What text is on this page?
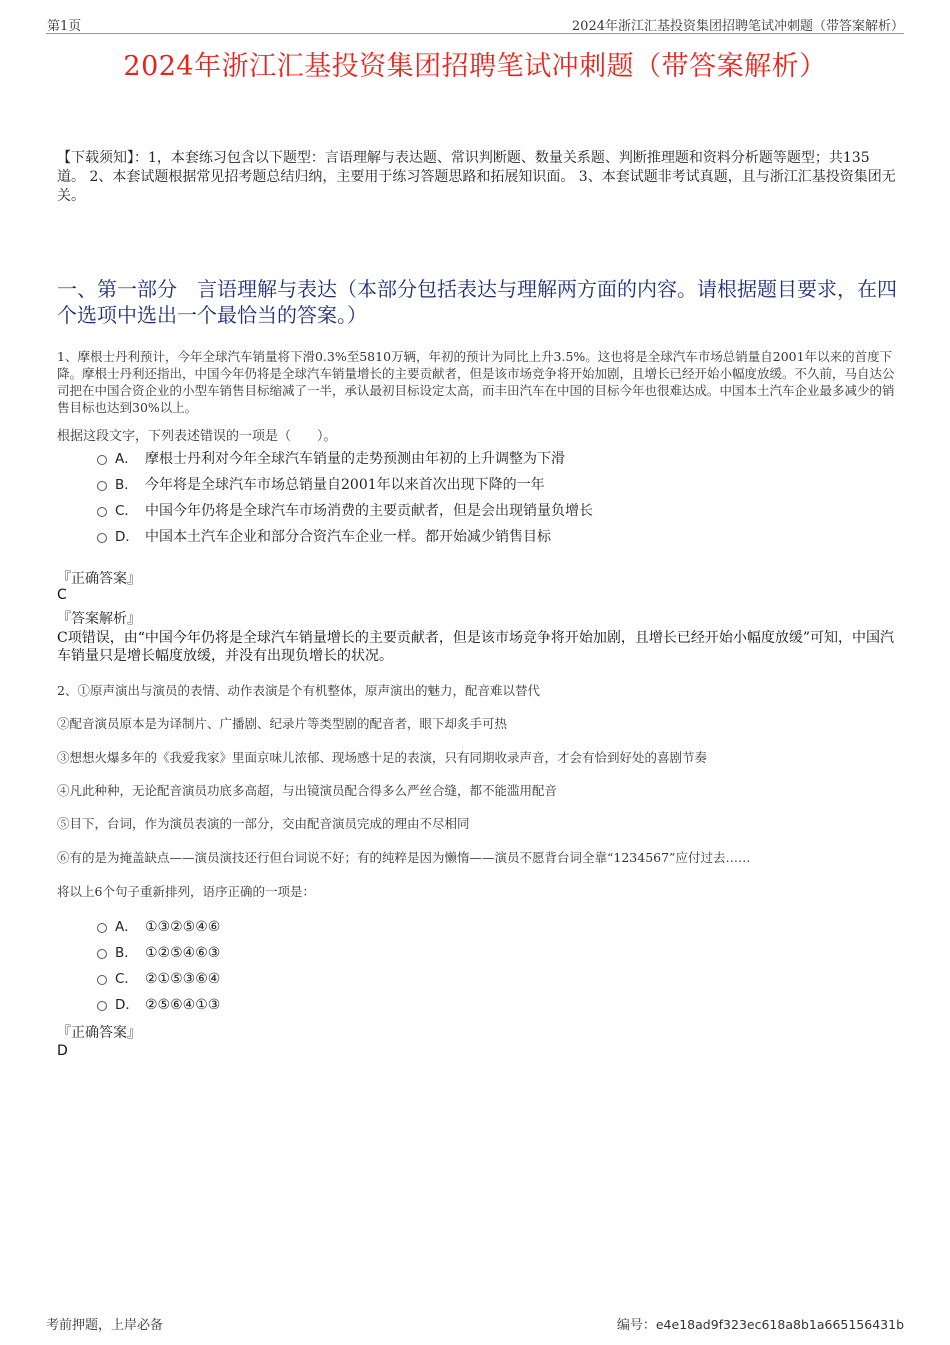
第1页	2024年浙江汇基投资集团招聘笔试冲刺题（带答案解析）
2024年浙江汇基投资集团招聘笔试冲刺题（带答案解析）
【下载须知】：1，本套练习包含以下题型：言语理解与表达题、常识判断题、数量关系题、判断推理题和资料分析题等题型；共135道。 2、本套试题根据常见招考题总结归纳，主要用于练习答题思路和拓展知识面。 3、本套试题非考试真题，且与浙江汇基投资集团无关。
一、第一部分　言语理解与表达（本部分包括表达与理解两方面的内容。请根据题目要求，在四个选项中选出一个最恰当的答案。）
1、摩根士丹利预计，今年全球汽车销量将下滑0.3%至5810万辆，年初的预计为同比上升3.5%。这也将是全球汽车市场总销量自2001年以来的首度下降。摩根士丹利还指出，中国今年仍将是全球汽车销量增长的主要贡献者，但是该市场竞争将开始加剧，且增长已经开始小幅度放缓。不久前，马自达公司把在中国合资企业的小型车销售目标缩减了一半，承认最初目标设定太高，而丰田汽车在中国的目标今年也很难达成。中国本土汽车企业最多减少的销售目标也达到30%以上。
根据这段文字，下列表述错误的一项是（　　）。
A． 摩根士丹利对今年全球汽车销量的走势预测由年初的上升调整为下滑
B． 今年将是全球汽车市场总销量自2001年以来首次出现下降的一年
C． 中国今年仍将是全球汽车市场消费的主要贡献者，但是会出现销量负增长
D． 中国本土汽车企业和部分合资汽车企业一样。都开始减少销售目标
『正确答案』
C
『答案解析』
C项错误，由“中国今年仍将是全球汽车销量增长的主要贡献者，但是该市场竞争将开始加剧，且增长已经开始小幅度放缓”可知，中国汽车销量只是增长幅度放缓，并没有出现负增长的状况。
2、①原声演出与演员的表情、动作表演是个有机整体，原声演出的魅力，配音难以替代
②配音演员原本是为译制片、广播剧、纪录片等类型剧的配音者，眼下却炙手可热
③想想火爆多年的《我爱我家》里面京味儿浓郁、现场感十足的表演，只有同期收录声音，才会有恰到好处的喜剧节奏
④凡此种种，无论配音演员功底多高超，与出镜演员配合得多么严丝合缝，都不能滥用配音
⑤目下，台词，作为演员表演的一部分，交由配音演员完成的理由不尽相同
⑥有的是为掩盖缺点——演员演技还行但台词说不好；有的纯粹是因为懒惰——演员不愿背台词全靠“1234567”应付过去……
将以上6个句子重新排列，语序正确的一项是：
A． ①③②⑤④⑥
B． ①②⑤④⑥③
C． ②①⑤③⑥④
D． ②⑤⑥④①③
『正确答案』
D
考前押题，上岸必备	编号：e4e18ad9f323ec618a8b1a665156431b
